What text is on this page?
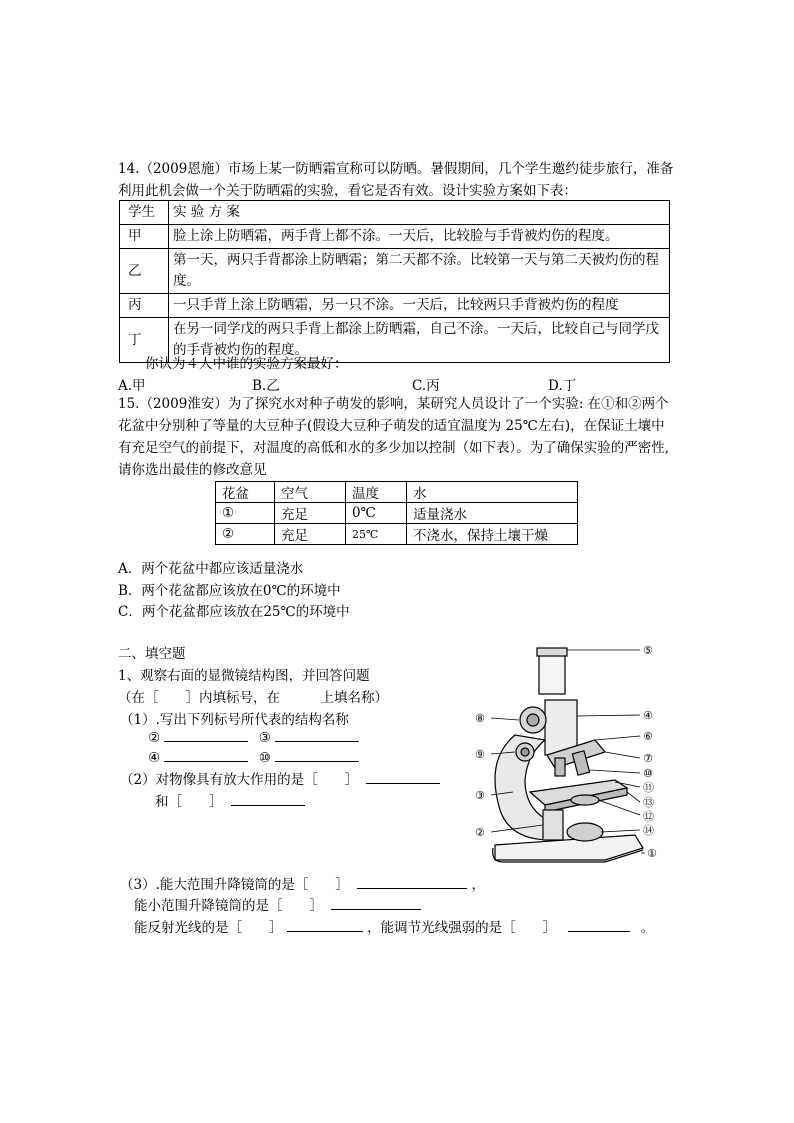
14.（2009恩施）市场上某一防晒霜宣称可以防晒。暑假期间，几个学生邀约徒步旅行，准备利用此机会做一个关于防晒霜的实验，看它是否有效。设计实验方案如下表：
学生	实 验 方 案
甲	脸上涂上防晒霜，两手背上都不涂。一天后，比较脸与手背被灼伤的程度。
乙	第一天，两只手背都涂上防晒霜；第二天都不涂。比较第一天与第二天被灼伤的程度。
丙	一只手背上涂上防晒霜，另一只不涂。一天后，比较两只手背被灼伤的程度
丁	在另一同学戊的两只手背上都涂上防晒霜，自己不涂。一天后，比较自己与同学戊的手背被灼伤的程度。
你认为４人中谁的实验方案最好：
A.甲	B.乙	C.丙	D.丁
15.（2009淮安）为了探究水对种子萌发的影响，某研究人员设计了一个实验: 在①和②两个花盆中分别种了等量的大豆种子(假设大豆种子萌发的适宜温度为 25℃左右)，在保证土壤中有充足空气的前提下，对温度的高低和水的多少加以控制（如下表）。为了确保实验的严密性,请你选出最佳的修改意见
花盆	空气	温度	水
①	充足	0℃	适量浇水
②	充足	25℃	不浇水，保持土壤干燥
A．两个花盆中都应该适量浇水
B．两个花盆都应该放在0℃的环境中
C．两个花盆都应该放在25℃的环境中
二、填空题
1、观察右面的显微镜结构图，并回答问题
（在［　　］内填标号，在　　　上填名称）
（1）.写出下列标号所代表的结构名称
②	③
④	⑩
（2）对物像具有放大作用的是［　　］
和［　　］
（3）.能大范围升降镜筒的是［　　］	，
能小范围升降镜筒的是［　　］
能反射光线的是［　　］	，能调节光线强弱的是［　　］	。
⑤
⑧	④
⑥
⑨	⑦
⑩
⑪
③
⑬
⑫
②	⑭
①
